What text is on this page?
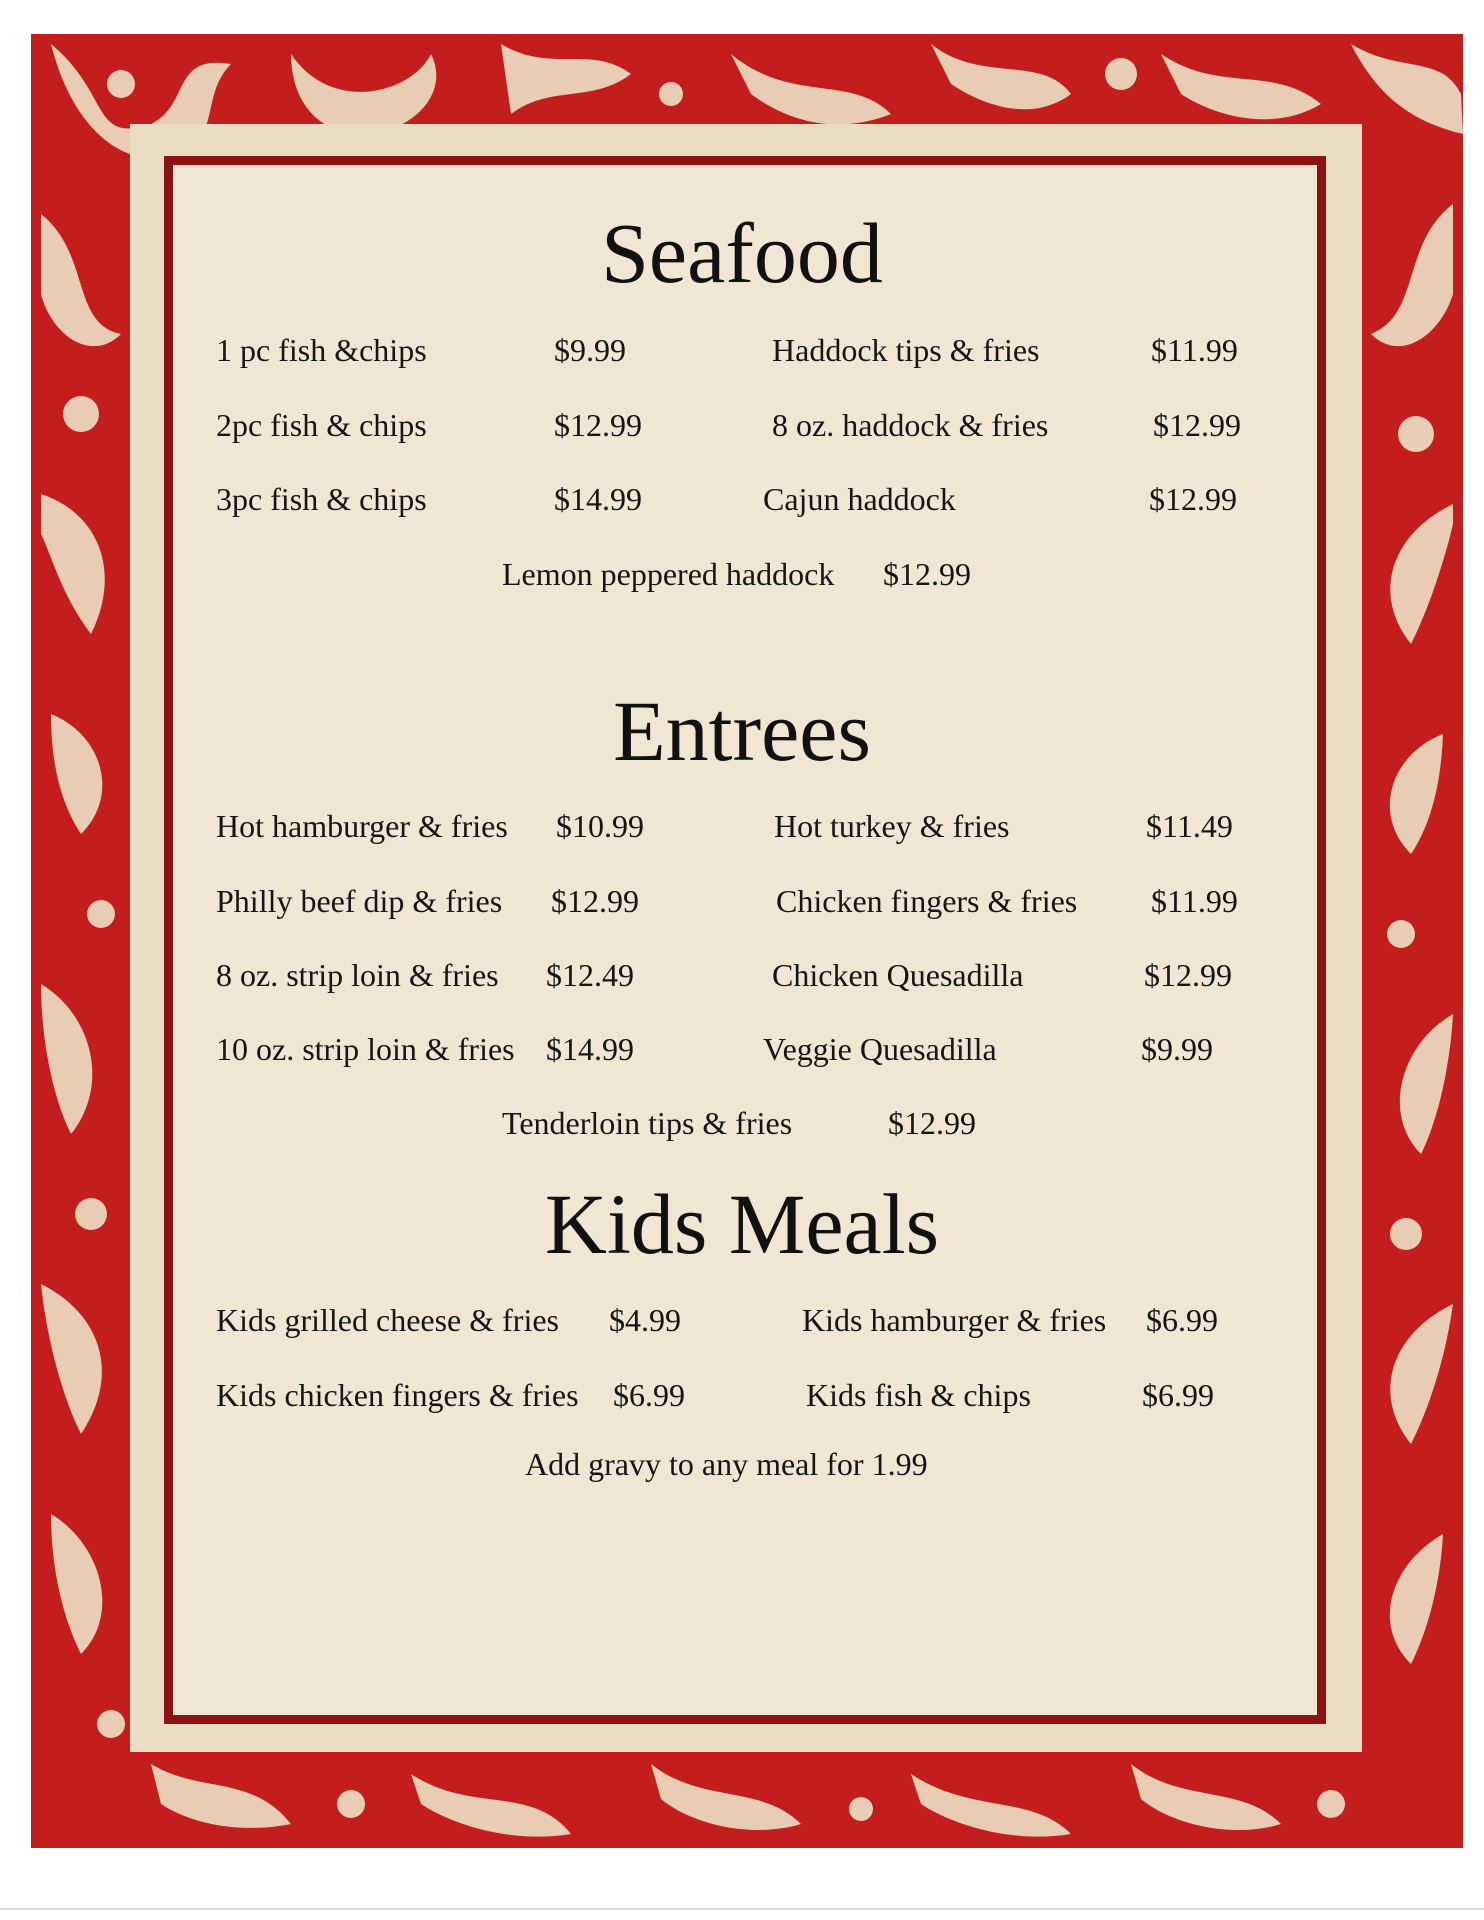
Seafood
1 pc fish &chips	$9.99	Haddock tips & fries	$11.99
2pc fish & chips	$12.99	8 oz. haddock & fries	$12.99
3pc fish & chips	$14.99	Cajun haddock	$12.99
Lemon peppered haddock $12.99
Entrees
Hot hamburger & fries $10.99	Hot turkey & fries	$11.49
Philly beef dip & fries $12.99	Chicken fingers & fries $11.99
8 oz. strip loin & fries $12.49	Chicken Quesadilla	$12.99
10 oz. strip loin & fries $14.99	Veggie Quesadilla	$9.99
Tenderloin tips & fries	$12.99
Kids Meals
Kids grilled cheese & fries $4.99	Kids hamburger & fries $6.99
Kids chicken fingers & fries $6.99	Kids fish & chips	$6.99
Add gravy to any meal for 1.99
